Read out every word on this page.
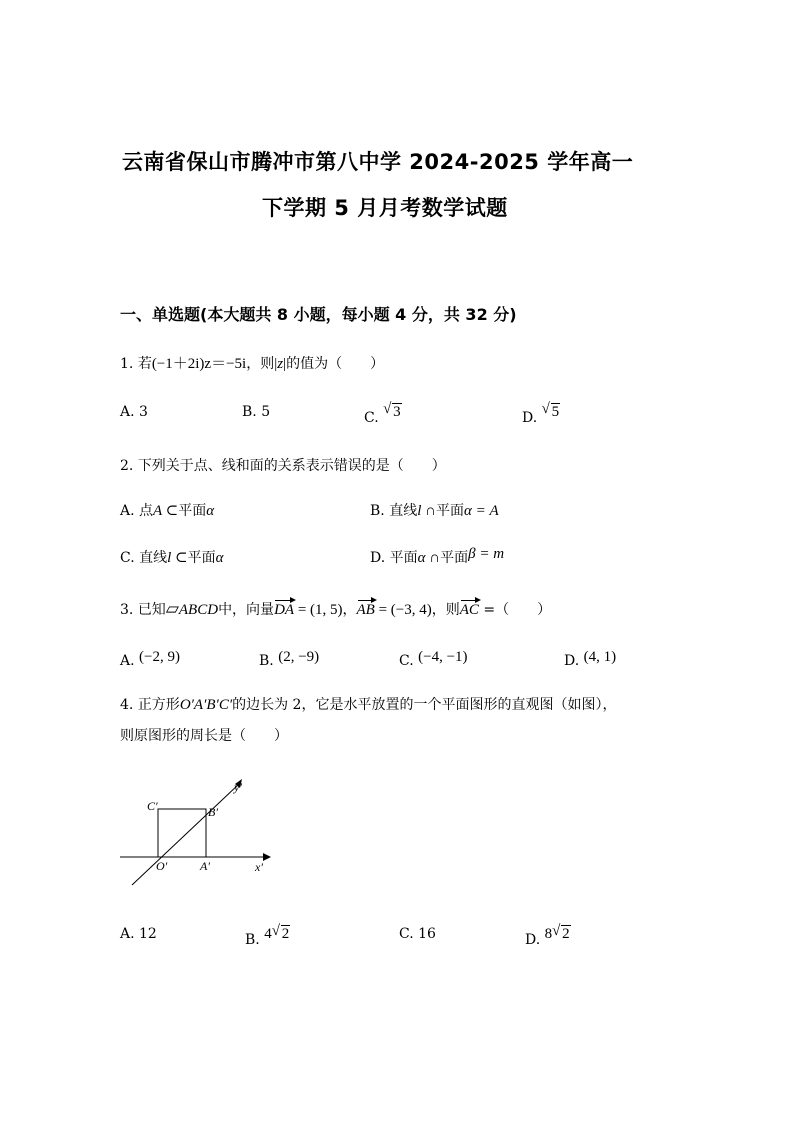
云南省保山市腾冲市第八中学 2024-2025 学年高一
下学期 5 月月考数学试题
一、单选题(本大题共 8 小题，每小题 4 分，共 32 分)
1. 若(−1＋2i)z＝−5i，则|z|的值为（　　）
A. 3	B. 5	C.
√ 3	D.
√ 5
2. 下列关于点、线和面的关系表示错误的是（　　）
A. 点A ⊂平面α	B. 直线l ∩平面α = A
C. 直线l ⊂平面α	D. 平面α ∩平面β = m
3. 已知▱ABCD中，向量DA = (1, 5)，AB = (−3, 4)，则AC =（　　）
A. (−2, 9)	B. (2, −9)	C. (−4, −1)	D. (4, 1)
4. 正方形O′A′B′C′的边长为 2，它是水平放置的一个平面图形的直观图（如图），
则原图形的周长是（　　）
C′	B′
O′	A′	x′
y′
A. 12	B. 4 √ 2	C. 16	D. 8 √ 2
